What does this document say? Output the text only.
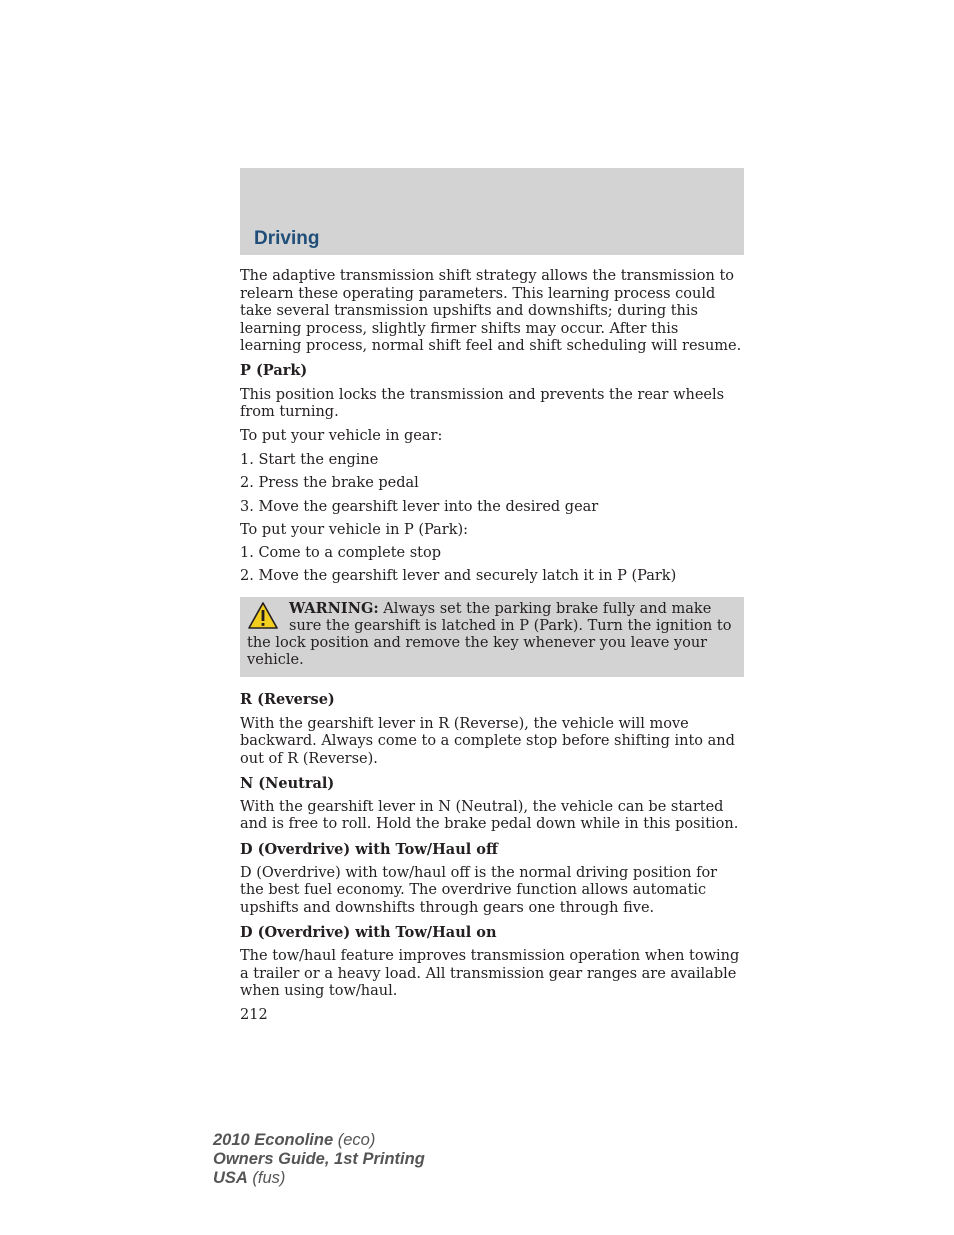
Driving

The adaptive transmission shift strategy allows the transmission to relearn these operating parameters. This learning process could take several transmission upshifts and downshifts; during this learning process, slightly firmer shifts may occur. After this learning process, normal shift feel and shift scheduling will resume.

P (Park)

This position locks the transmission and prevents the rear wheels from turning.

To put your vehicle in gear:

1. Start the engine
2. Press the brake pedal
3. Move the gearshift lever into the desired gear
To put your vehicle in P (Park):
1. Come to a complete stop
2. Move the gearshift lever and securely latch it in P (Park)
WARNING: Always set the parking brake fully and make sure the gearshift is latched in P (Park). Turn the ignition to the lock position and remove the key whenever you leave your vehicle.
R (Reverse)

With the gearshift lever in R (Reverse), the vehicle will move backward. Always come to a complete stop before shifting into and out of R (Reverse).

N (Neutral)

With the gearshift lever in N (Neutral), the vehicle can be started and is free to roll. Hold the brake pedal down while in this position.

D (Overdrive) with Tow/Haul off

D (Overdrive) with tow/haul off is the normal driving position for the best fuel economy. The overdrive function allows automatic upshifts and downshifts through gears one through five.

D (Overdrive) with Tow/Haul on

The tow/haul feature improves transmission operation when towing a trailer or a heavy load. All transmission gear ranges are available when using tow/haul.

212
2010 Econoline (eco)
Owners Guide, 1st Printing
USA (fus)
